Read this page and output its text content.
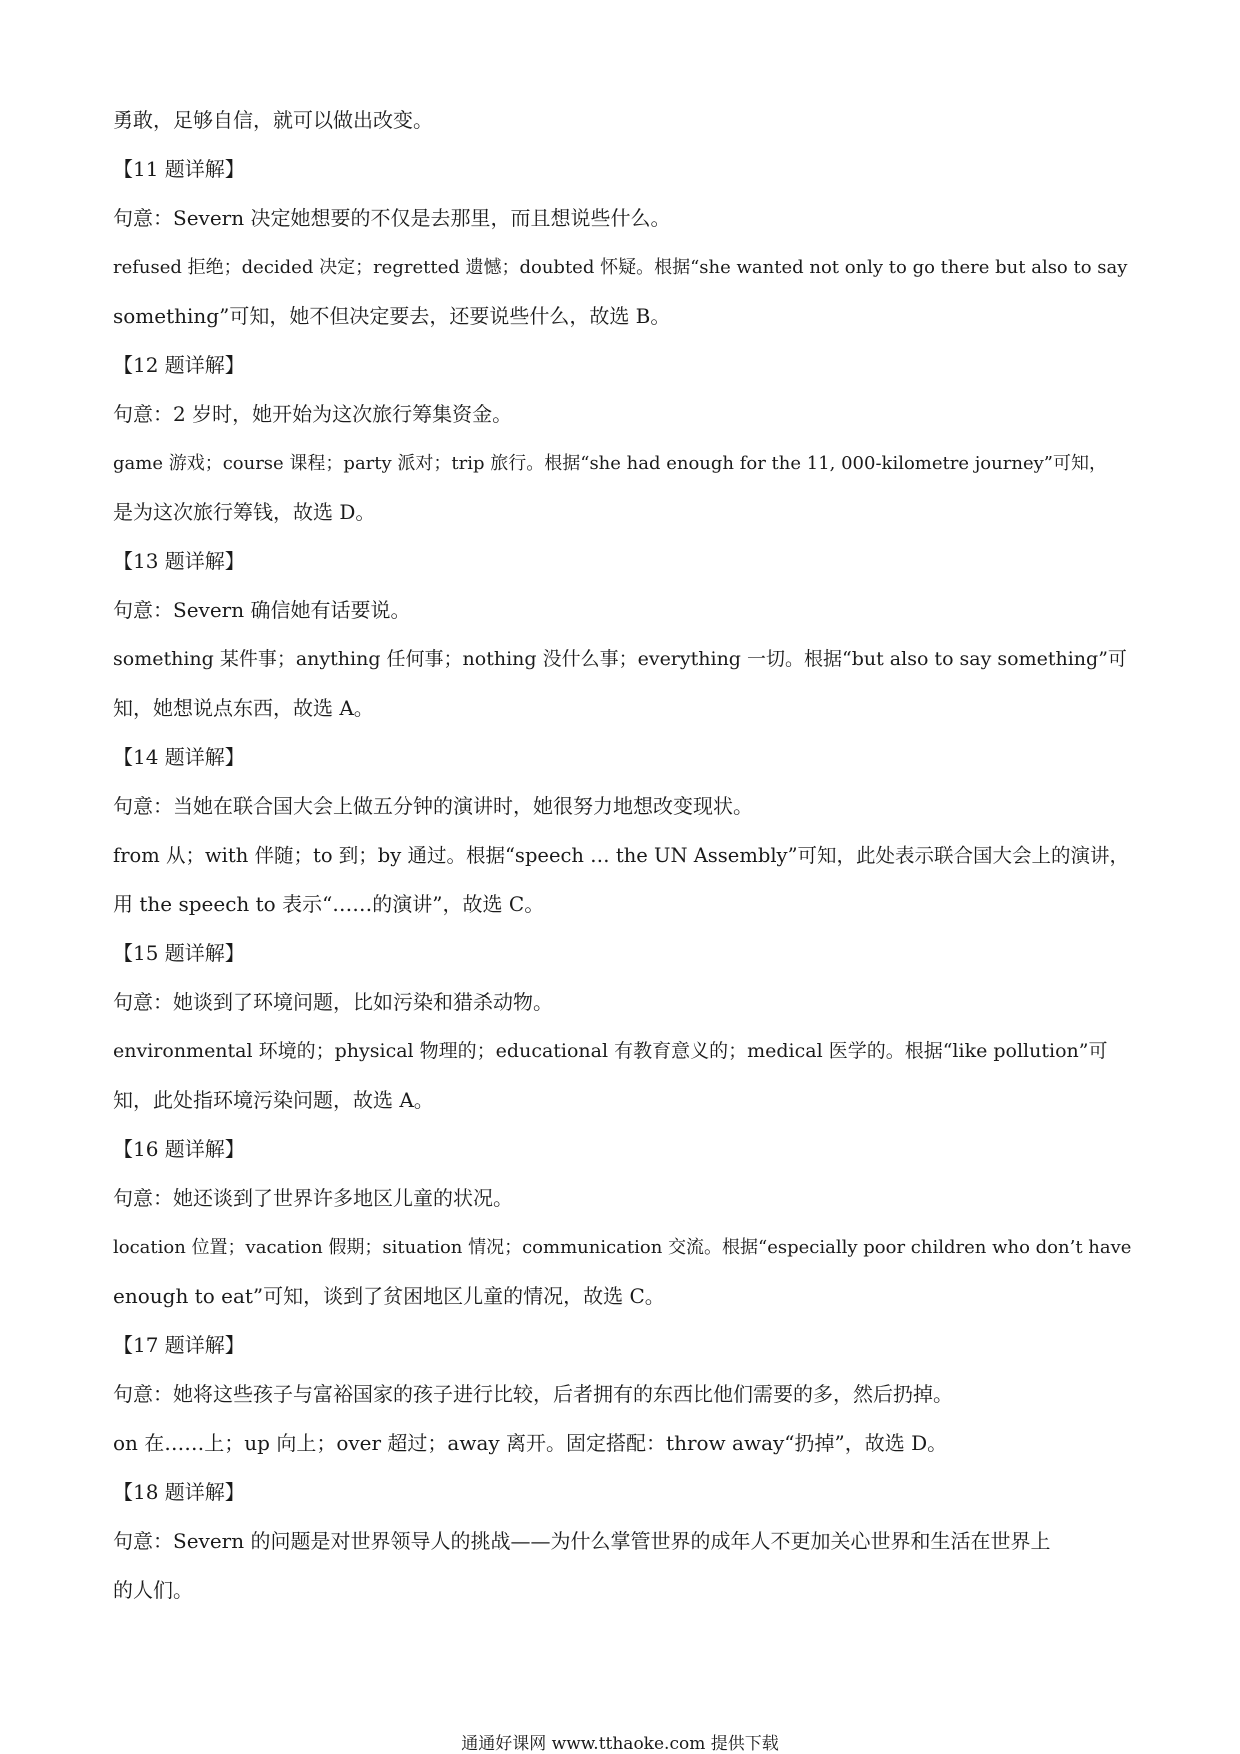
勇敢，足够自信，就可以做出改变。

【11 题详解】

句意：Severn 决定她想要的不仅是去那里，而且想说些什么。

refused 拒绝；decided 决定；regretted 遗憾；doubted 怀疑。根据“she wanted not only to go there but also to say

something”可知，她不但决定要去，还要说些什么，故选 B。

【12 题详解】

句意：2 岁时，她开始为这次旅行筹集资金。

game 游戏；course 课程；party 派对；trip 旅行。根据“she had enough for the 11, 000-kilometre journey”可知，

是为这次旅行筹钱，故选 D。

【13 题详解】

句意：Severn 确信她有话要说。

something 某件事；anything 任何事；nothing 没什么事；everything 一切。根据“but also to say something”可

知，她想说点东西，故选 A。

【14 题详解】

句意：当她在联合国大会上做五分钟的演讲时，她很努力地想改变现状。

from 从；with 伴随；to 到；by 通过。根据“speech … the UN Assembly”可知，此处表示联合国大会上的演讲，

用 the speech to 表示“……的演讲”，故选 C。

【15 题详解】

句意：她谈到了环境问题，比如污染和猎杀动物。

environmental 环境的；physical 物理的；educational 有教育意义的；medical 医学的。根据“like pollution”可

知，此处指环境污染问题，故选 A。

【16 题详解】

句意：她还谈到了世界许多地区儿童的状况。

location 位置；vacation 假期；situation 情况；communication 交流。根据“especially poor children who don’t have

enough to eat”可知，谈到了贫困地区儿童的情况，故选 C。

【17 题详解】

句意：她将这些孩子与富裕国家的孩子进行比较，后者拥有的东西比他们需要的多，然后扔掉。

on 在……上；up 向上；over 超过；away 离开。固定搭配：throw away“扔掉”，故选 D。

【18 题详解】

句意：Severn 的问题是对世界领导人的挑战——为什么掌管世界的成年人不更加关心世界和生活在世界上

的人们。

通通好课网 www.tthaoke.com 提供下载
